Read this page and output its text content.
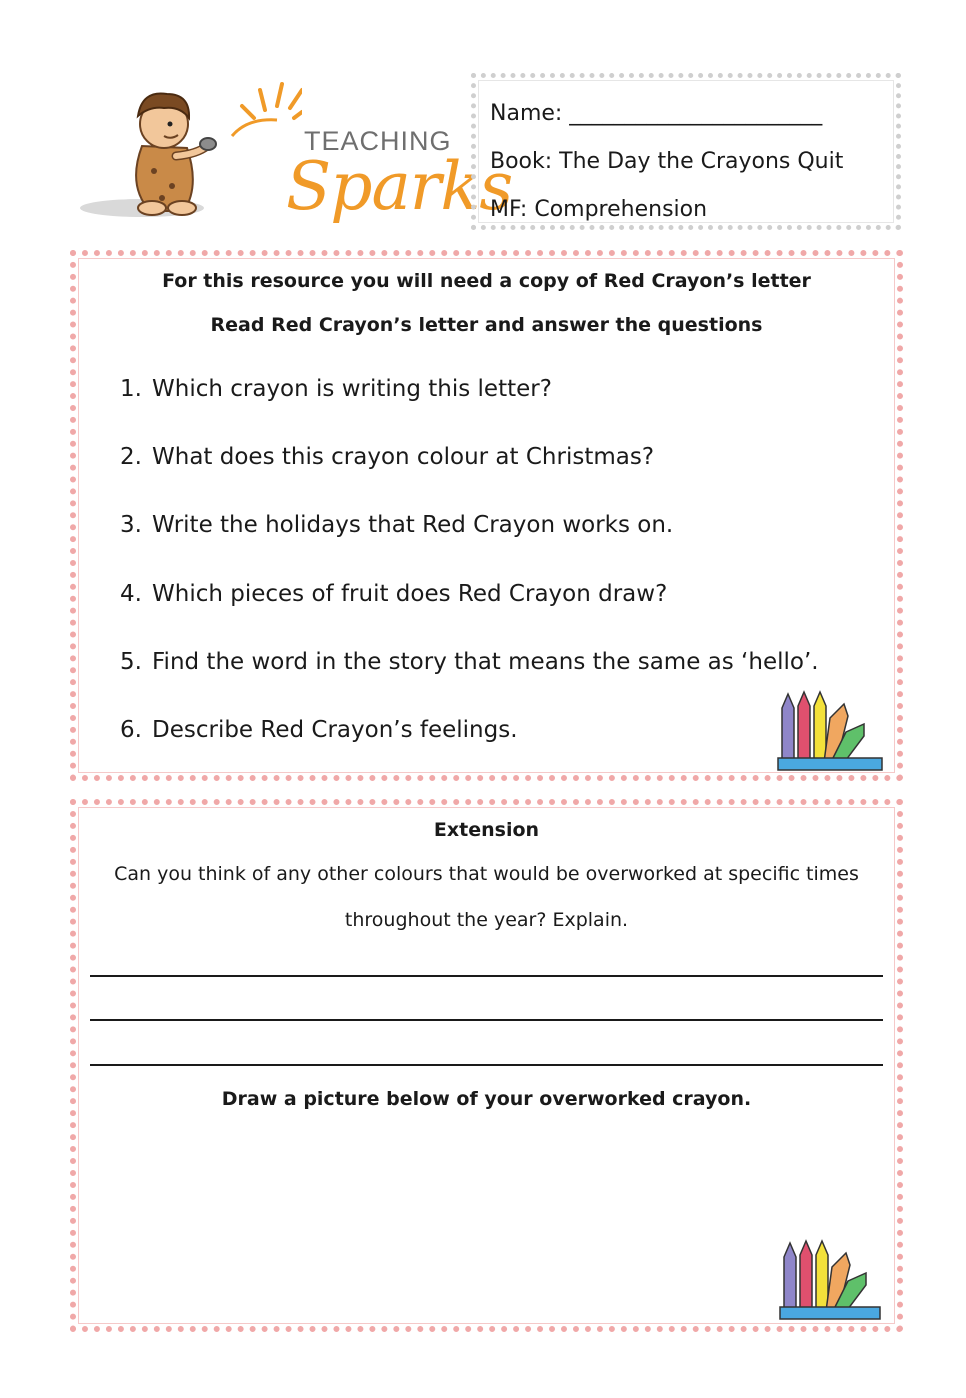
TEACHING
Sparks
Name: _______________________
Book: The Day the Crayons Quit
MF: Comprehension
For this resource you will need a copy of Red Crayon’s letter
Read Red Crayon’s letter and answer the questions
1. Which crayon is writing this letter?
2. What does this crayon colour at Christmas?
3. Write the holidays that Red Crayon works on.
4. Which pieces of fruit does Red Crayon draw?
5. Find the word in the story that means the same as ‘hello’.
6. Describe Red Crayon’s feelings.
Extension
Can you think of any other colours that would be overworked at specific times
throughout the year? Explain.
Draw a picture below of your overworked crayon.
